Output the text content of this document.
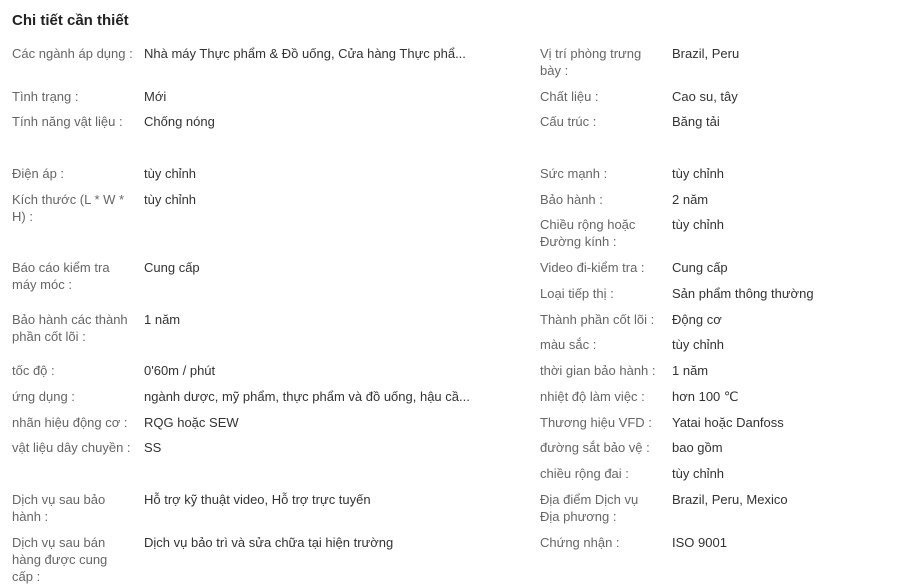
Chi tiết cần thiết
Các ngành áp dụng : Nhà máy Thực phẩm & Đồ uống, Cửa hàng Thực phẩ...
Tình trạng :	Mới
Tính năng vật liệu : Chống nóng
Điện áp :	tùy chỉnh
Kích thước (L * W * H) :
tùy chỉnh
Báo cáo kiểm tra máy móc :
Cung cấp
Bảo hành các thành phần cốt lõi :
1 năm
tốc độ :	0'60m / phút
ứng dụng :	ngành dược, mỹ phẩm, thực phẩm và đồ uống, hậu cầ...
nhãn hiệu động cơ : RQG hoặc SEW
vật liệu dây chuyền :	SS
Dịch vụ sau bảo hành :
Hỗ trợ kỹ thuật video, Hỗ trợ trực tuyến
Dịch vụ sau bán hàng được cung cấp :
Dịch vụ bảo trì và sửa chữa tại hiện trường
Vị trí phòng trưng bày :
Brazil, Peru
Chất liệu :	Cao su, tây
Cấu trúc :	Băng tải
Sức mạnh :	tùy chỉnh
Bảo hành :	2 năm
Chiều rộng hoặc Đường kính :
tùy chỉnh
Video đi-kiểm tra : Cung cấp
Loại tiếp thị :	Sản phẩm thông thường
Thành phần cốt lõi : Động cơ
màu sắc :	tùy chỉnh
thời gian bảo hành : 1 năm
nhiệt độ làm việc : hơn 100 ℃
Thương hiệu VFD : Yatai hoặc Danfoss
đường sắt bảo vệ : bao gồm
chiều rộng đai :	tùy chỉnh
Địa điểm Dịch vụ Địa phương :
Brazil, Peru, Mexico
Chứng nhận :	ISO 9001
